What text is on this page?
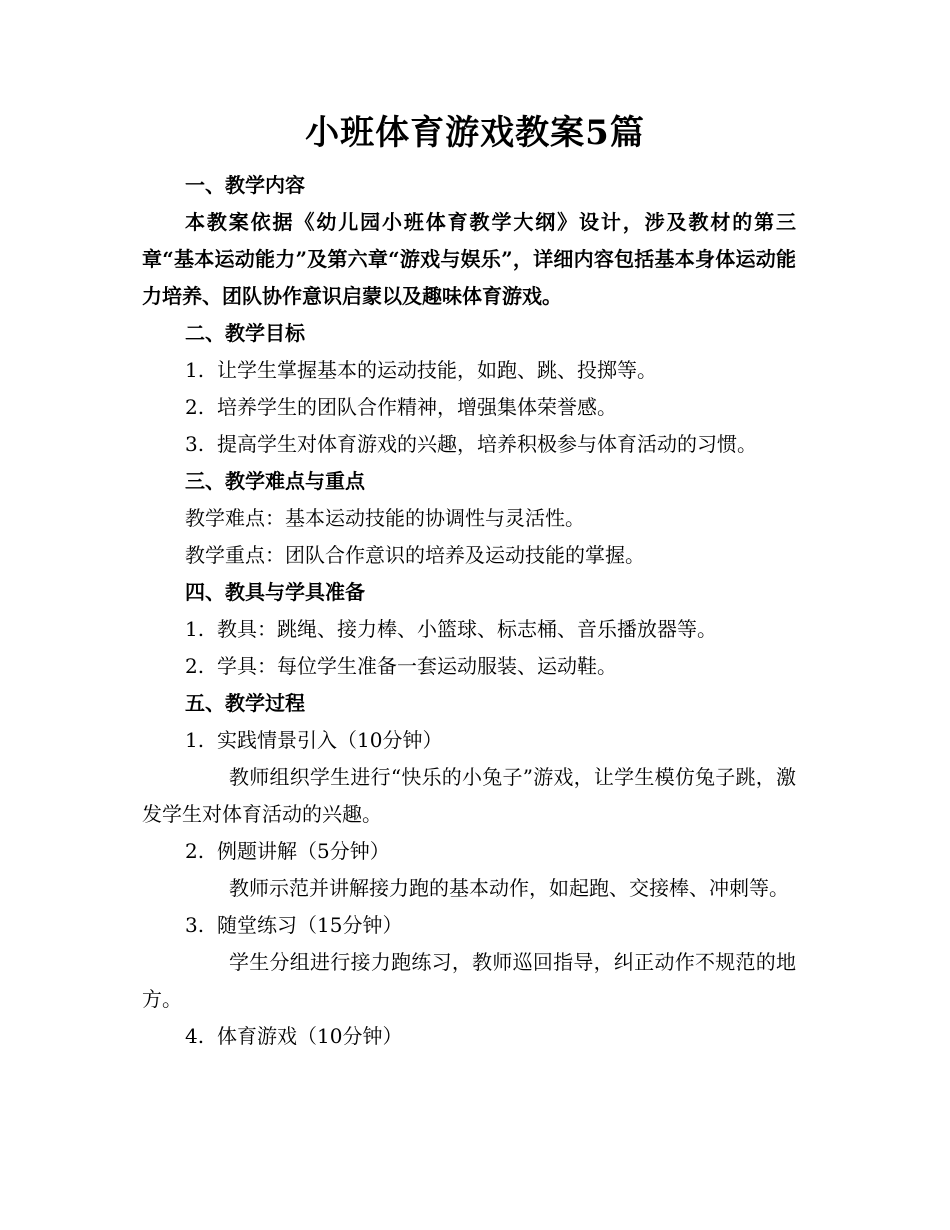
小班体育游戏教案5篇
一、教学内容
本教案依据《幼儿园小班体育教学大纲》设计，涉及教材的第三章“基本运动能力”及第六章“游戏与娱乐”，详细内容包括基本身体运动能力培养、团队协作意识启蒙以及趣味体育游戏。
二、教学目标
1. 让学生掌握基本的运动技能，如跑、跳、投掷等。
2. 培养学生的团队合作精神，增强集体荣誉感。
3. 提高学生对体育游戏的兴趣，培养积极参与体育活动的习惯。
三、教学难点与重点
教学难点：基本运动技能的协调性与灵活性。
教学重点：团队合作意识的培养及运动技能的掌握。
四、教具与学具准备
1. 教具：跳绳、接力棒、小篮球、标志桶、音乐播放器等。
2. 学具：每位学生准备一套运动服装、运动鞋。
五、教学过程
1. 实践情景引入（10分钟）
教师组织学生进行“快乐的小兔子”游戏，让学生模仿兔子跳，激发学生对体育活动的兴趣。
2. 例题讲解（5分钟）
教师示范并讲解接力跑的基本动作，如起跑、交接棒、冲刺等。
3. 随堂练习（15分钟）
学生分组进行接力跑练习，教师巡回指导，纠正动作不规范的地方。
4. 体育游戏（10分钟）
